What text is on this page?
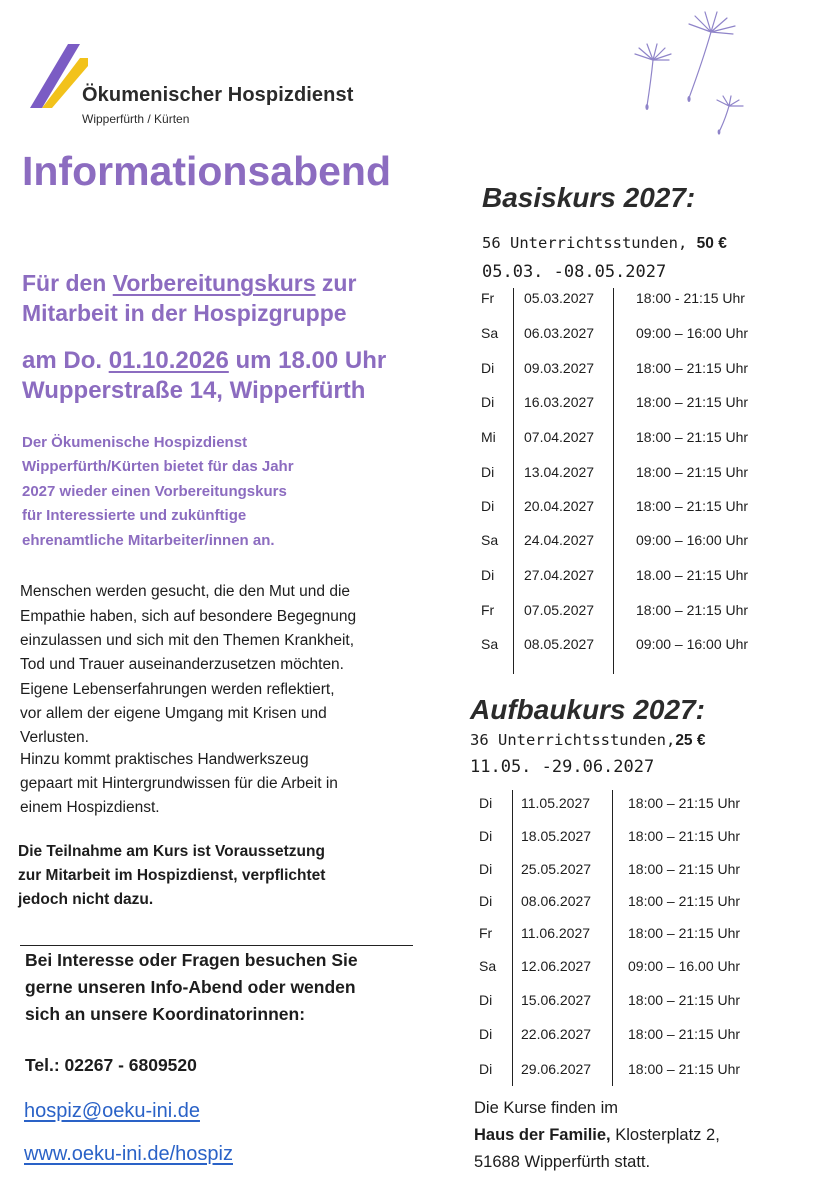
Ökumenischer Hospizdienst
Wipperfürth / Kürten
Informationsabend
Für den Vorbereitungskurs zur
Mitarbeit in der Hospizgruppe
am Do. 01.10.2026 um 18.00 Uhr
Wupperstraße 14, Wipperfürth
Der Ökumenische Hospizdienst
Wipperfürth/Kürten bietet für das Jahr
2027 wieder einen Vorbereitungskurs
für Interessierte und zukünftige
ehrenamtliche Mitarbeiter/innen an.
Menschen werden gesucht, die den Mut und die
Empathie haben, sich auf besondere Begegnung
einzulassen und sich mit den Themen Krankheit,
Tod und Trauer auseinanderzusetzen möchten.
Eigene Lebenserfahrungen werden reflektiert,
vor allem der eigene Umgang mit Krisen und
Verlusten.
Hinzu kommt praktisches Handwerkszeug
gepaart mit Hintergrundwissen für die Arbeit in
einem Hospizdienst.
Die Teilnahme am Kurs ist Voraussetzung
zur Mitarbeit im Hospizdienst, verpflichtet
jedoch nicht dazu.
Bei Interesse oder Fragen besuchen Sie
gerne unseren Info-Abend oder wenden
sich an unsere Koordinatorinnen:
Tel.: 02267 - 6809520
hospiz@oeku-ini.de
www.oeku-ini.de/hospiz
Basiskurs 2027:
56 Unterrichtsstunden, 50 €
05.03. -08.05.2027
Fr 05.03.2027	18:00 - 21:15 Uhr
Sa 06.03.2027	09:00 – 16:00 Uhr
Di 09.03.2027	18:00 – 21:15 Uhr
Di 16.03.2027	18:00 – 21:15 Uhr
Mi 07.04.2027	18:00 – 21:15 Uhr
Di 13.04.2027	18:00 – 21:15 Uhr
Di 20.04.2027	18:00 – 21:15 Uhr
Sa 24.04.2027	09:00 – 16:00 Uhr
Di 27.04.2027	18.00 – 21:15 Uhr
Fr 07.05.2027	18:00 – 21:15 Uhr
Sa 08.05.2027	09:00 – 16:00 Uhr
Aufbaukurs 2027:
36 Unterrichtsstunden,25 €
11.05. -29.06.2027
Di 11.05.2027	18:00 – 21:15 Uhr
Di 18.05.2027	18:00 – 21:15 Uhr
Di 25.05.2027	18:00 – 21:15 Uhr
Di 08.06.2027	18:00 – 21:15 Uhr
Fr 11.06.2027	18:00 – 21:15 Uhr
Sa 12.06.2027	09:00 – 16.00 Uhr
Di 15.06.2027	18:00 – 21:15 Uhr
Di 22.06.2027	18:00 – 21:15 Uhr
Di 29.06.2027	18:00 – 21:15 Uhr
Die Kurse finden im
Haus der Familie, Klosterplatz 2,
51688 Wipperfürth statt.
